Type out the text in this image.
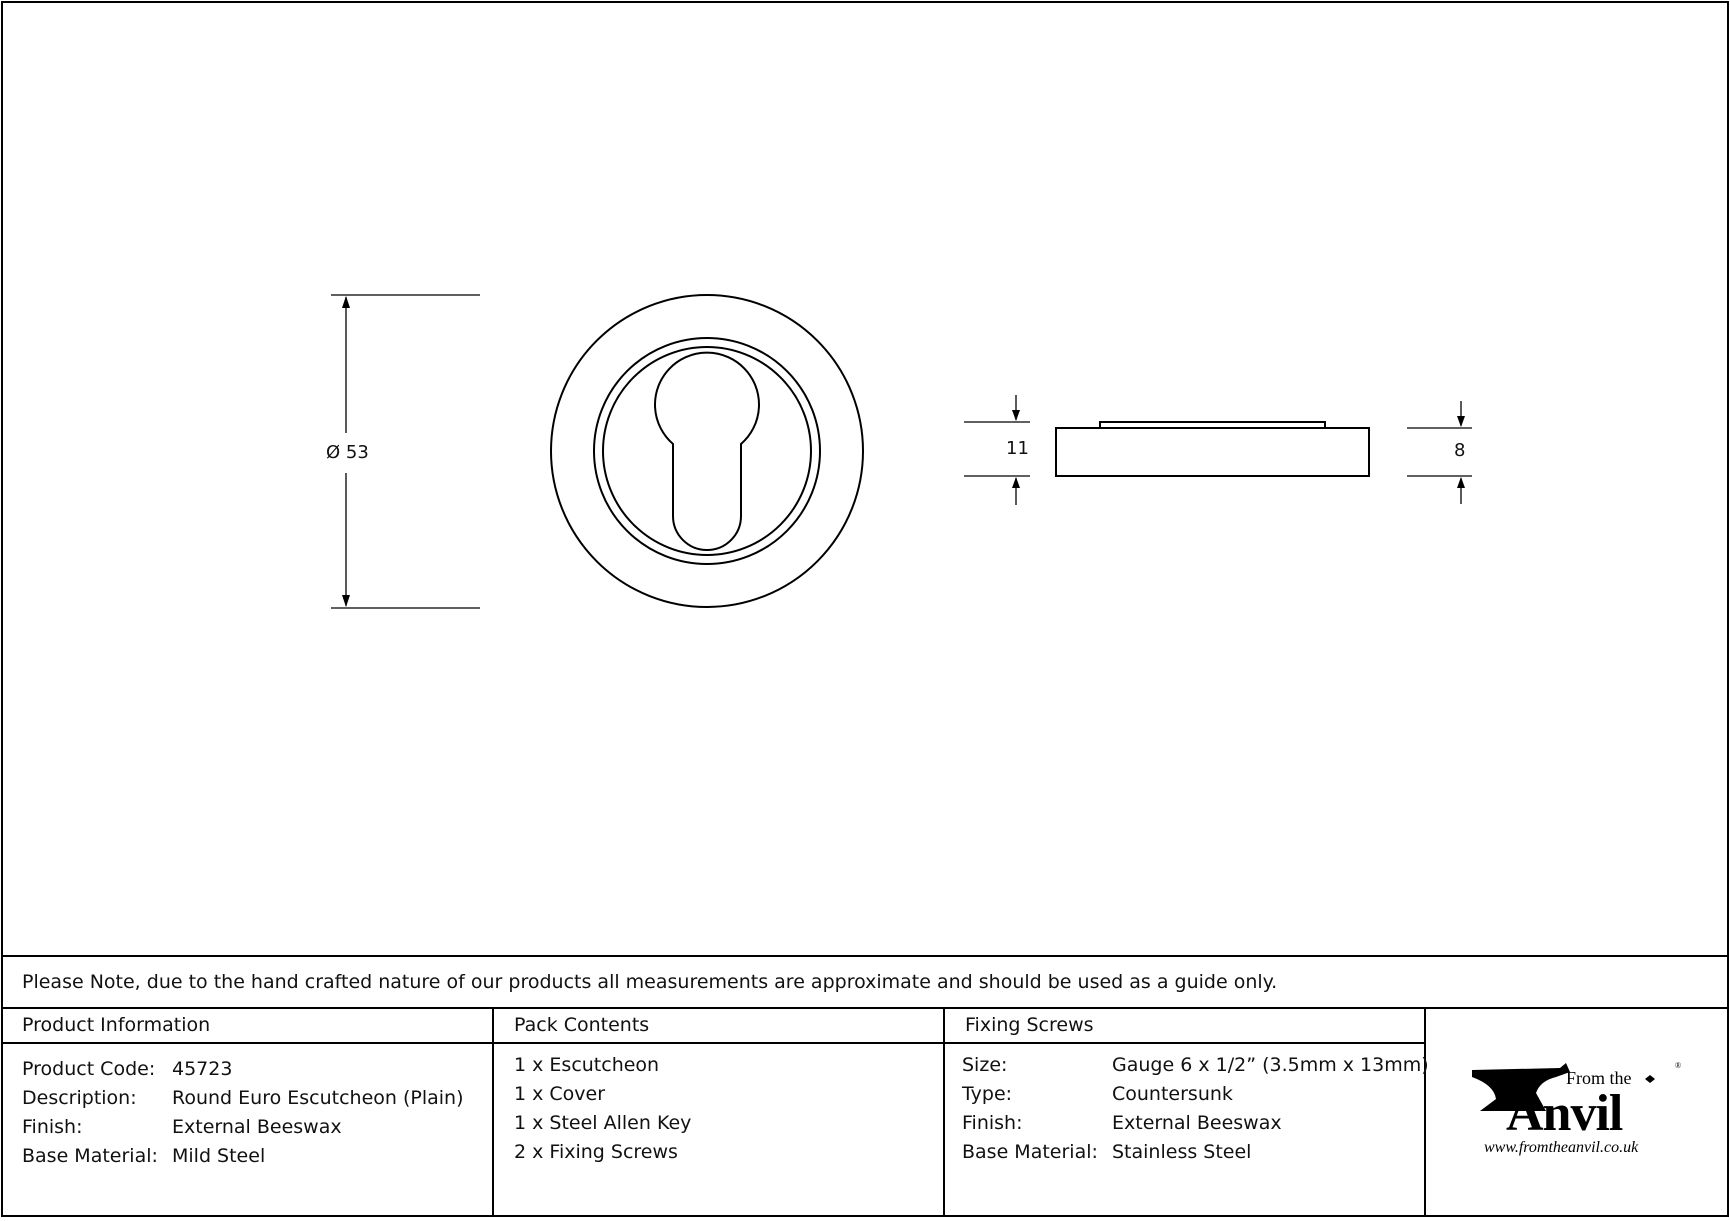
Ø 53	11	8
Please Note, due to the hand crafted nature of our products all measurements are approximate and should be used as a guide only.
Product Information
Product Code: 45723
Description: Round Euro Escutcheon (Plain)
Finish:	External Beeswax
Base Material: Mild Steel
Pack Contents
1 x Escutcheon
1 x Cover
1 x Steel Allen Key
2 x Fixing Screws
Fixing Screws
Size:	Gauge 6 x 1/2” (3.5mm x 13mm)
Type:	Countersunk
Finish:	External Beeswax
Base Material: Stainless Steel
From the
®
Anvil
www.fromtheanvil.co.uk
